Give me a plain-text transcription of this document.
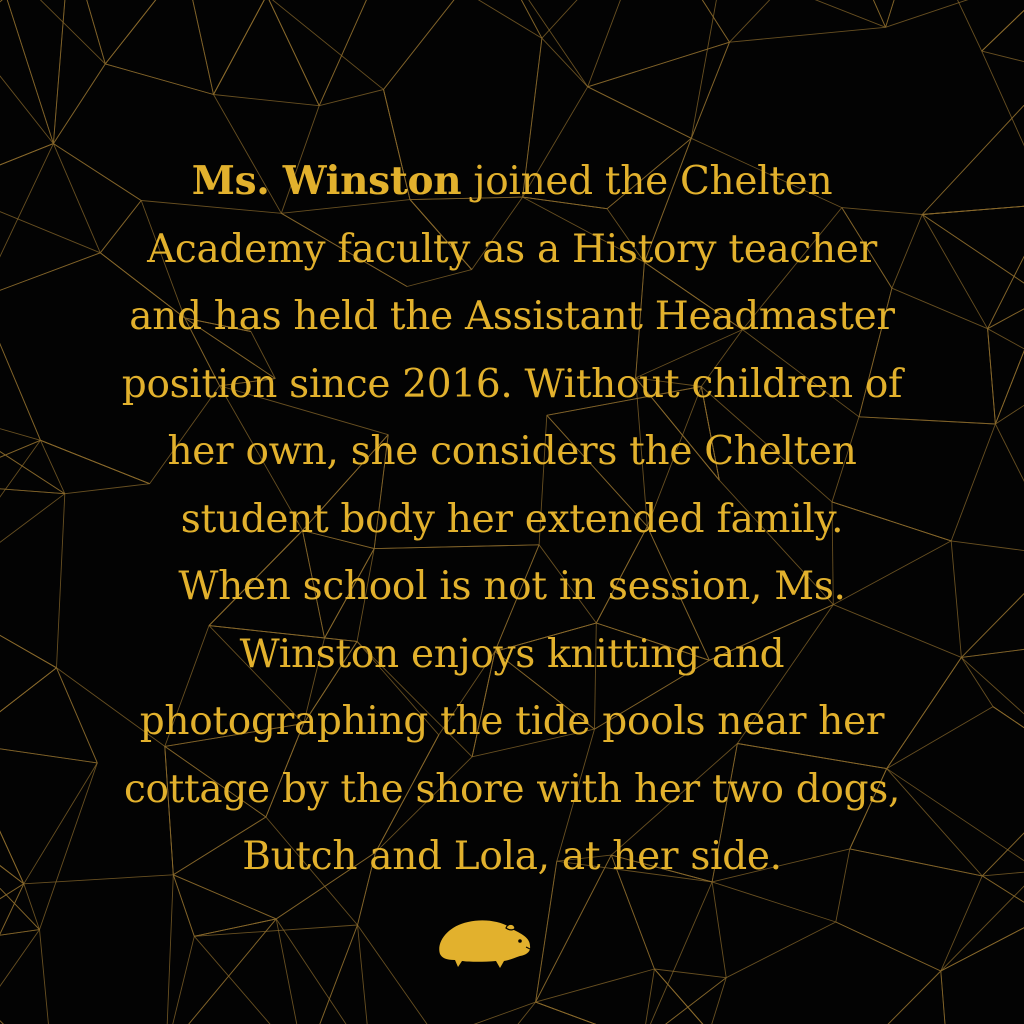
Ms. Winston joined the Chelten
Academy faculty as a History teacher
and has held the Assistant Headmaster
position since 2016. Without children of
her own, she considers the Chelten
student body her extended family.
When school is not in session, Ms.
Winston enjoys knitting and
photographing the tide pools near her
cottage by the shore with her two dogs,
Butch and Lola, at her side.
